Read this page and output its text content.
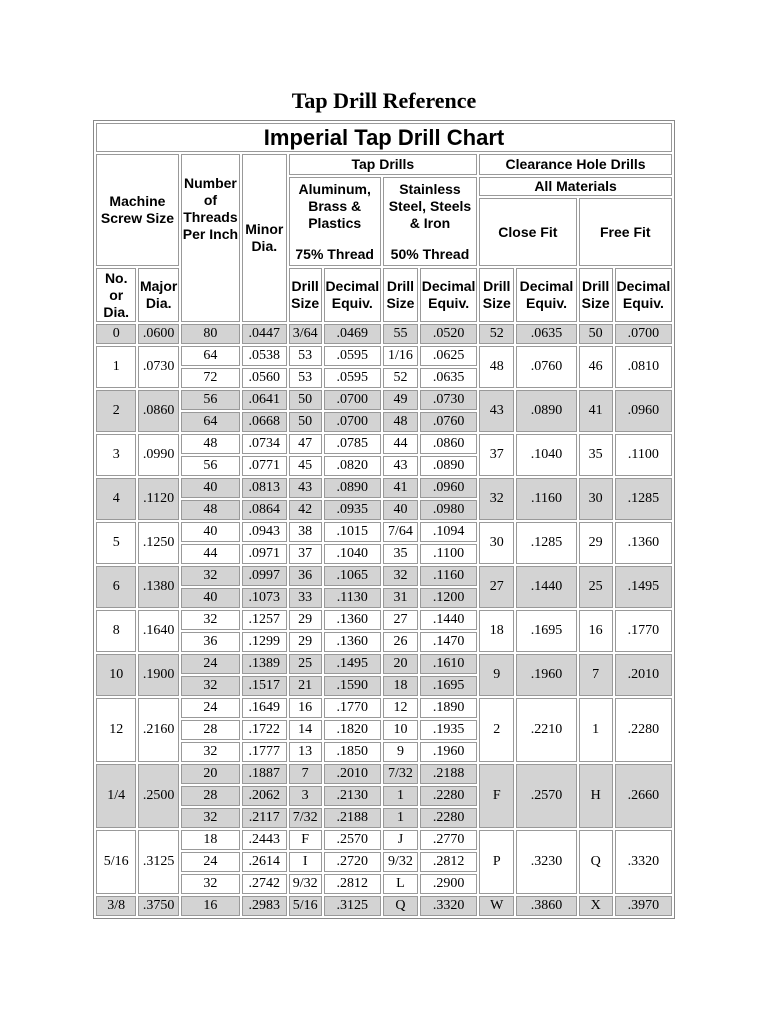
Tap Drill Reference
Imperial Tap Drill Chart											
Machine Screw Size		Number of Threads Per Inch	Minor Dia.	Tap Drills				Clearance Hole Drills			
				Aluminum, Brass & Plastics
75% Thread		Stainless Steel, Steels & Iron
50% Thread		All Materials			
								Close Fit		Free Fit	
No. or Dia.	Major Dia.			Drill Size	Decimal Equiv.	Drill Size	Decimal Equiv.	Drill Size	Decimal Equiv.	Drill Size	Decimal Equiv.
0	.0600	80	.0447	3/64	.0469	55	.0520	52	.0635	50	.0700
1	.0730	64	.0538	53	.0595	1/16	.0625	48	.0760	46	.0810
		72	.0560	53	.0595	52	.0635				
2	.0860	56	.0641	50	.0700	49	.0730	43	.0890	41	.0960
		64	.0668	50	.0700	48	.0760				
3	.0990	48	.0734	47	.0785	44	.0860	37	.1040	35	.1100
		56	.0771	45	.0820	43	.0890				
4	.1120	40	.0813	43	.0890	41	.0960	32	.1160	30	.1285
		48	.0864	42	.0935	40	.0980				
5	.1250	40	.0943	38	.1015	7/64	.1094	30	.1285	29	.1360
		44	.0971	37	.1040	35	.1100				
6	.1380	32	.0997	36	.1065	32	.1160	27	.1440	25	.1495
		40	.1073	33	.1130	31	.1200				
8	.1640	32	.1257	29	.1360	27	.1440	18	.1695	16	.1770
		36	.1299	29	.1360	26	.1470				
10	.1900	24	.1389	25	.1495	20	.1610	9	.1960	7	.2010
		32	.1517	21	.1590	18	.1695				
12	.2160	24	.1649	16	.1770	12	.1890	2	.2210	1	.2280
		28	.1722	14	.1820	10	.1935				
		32	.1777	13	.1850	9	.1960				
1/4	.2500	20	.1887	7	.2010	7/32	.2188	F	.2570	H	.2660
		28	.2062	3	.2130	1	.2280				
		32	.2117	7/32	.2188	1	.2280				
5/16	.3125	18	.2443	F	.2570	J	.2770	P	.3230	Q	.3320
		24	.2614	I	.2720	9/32	.2812				
		32	.2742	9/32	.2812	L	.2900				
3/8	.3750	16	.2983	5/16	.3125	Q	.3320	W	.3860	X	.3970
